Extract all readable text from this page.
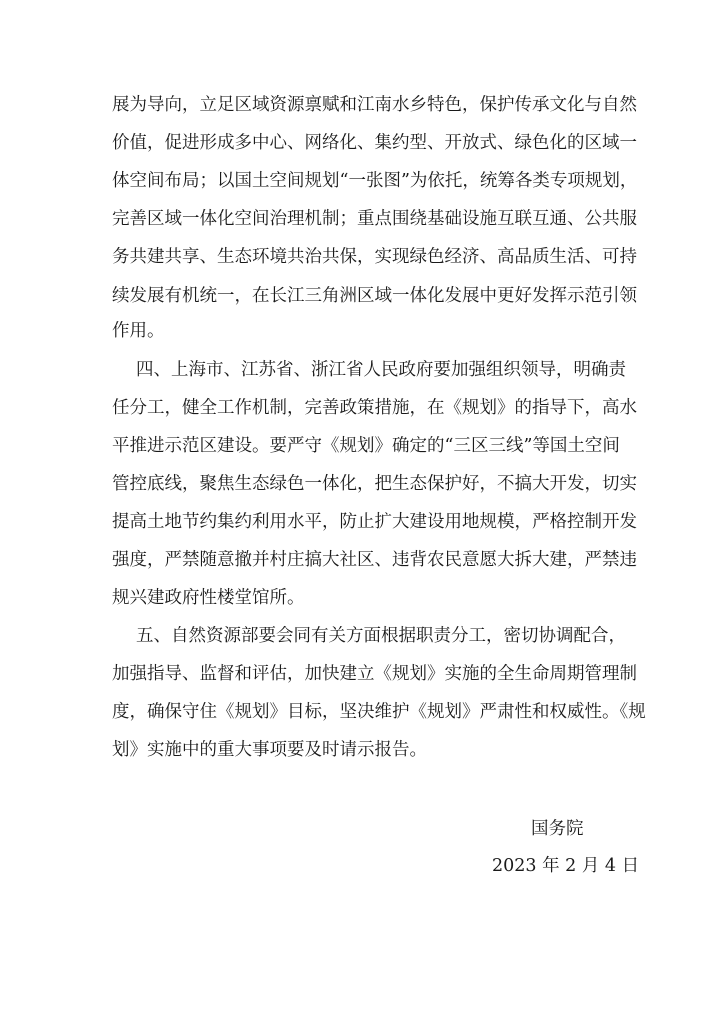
展为导向，立足区域资源禀赋和江南水乡特色，保护传承文化与自然
价值，促进形成多中心、网络化、集约型、开放式、绿色化的区域一
体空间布局；以国土空间规划“一张图”为依托，统筹各类专项规划，
完善区域一体化空间治理机制；重点围绕基础设施互联互通、公共服
务共建共享、生态环境共治共保，实现绿色经济、高品质生活、可持
续发展有机统一，在长江三角洲区域一体化发展中更好发挥示范引领
作用。
四、上海市、江苏省、浙江省人民政府要加强组织领导，明确责
任分工，健全工作机制，完善政策措施，在《规划》的指导下，高水
平推进示范区建设。要严守《规划》确定的“三区三线”等国土空间
管控底线，聚焦生态绿色一体化，把生态保护好，不搞大开发，切实
提高土地节约集约利用水平，防止扩大建设用地规模，严格控制开发
强度，严禁随意撤并村庄搞大社区、违背农民意愿大拆大建，严禁违
规兴建政府性楼堂馆所。
五、自然资源部要会同有关方面根据职责分工，密切协调配合，
加强指导、监督和评估，加快建立《规划》实施的全生命周期管理制
度，确保守住《规划》目标，坚决维护《规划》严肃性和权威性。《规
划》实施中的重大事项要及时请示报告。
国务院
2023 年 2 月 4 日
